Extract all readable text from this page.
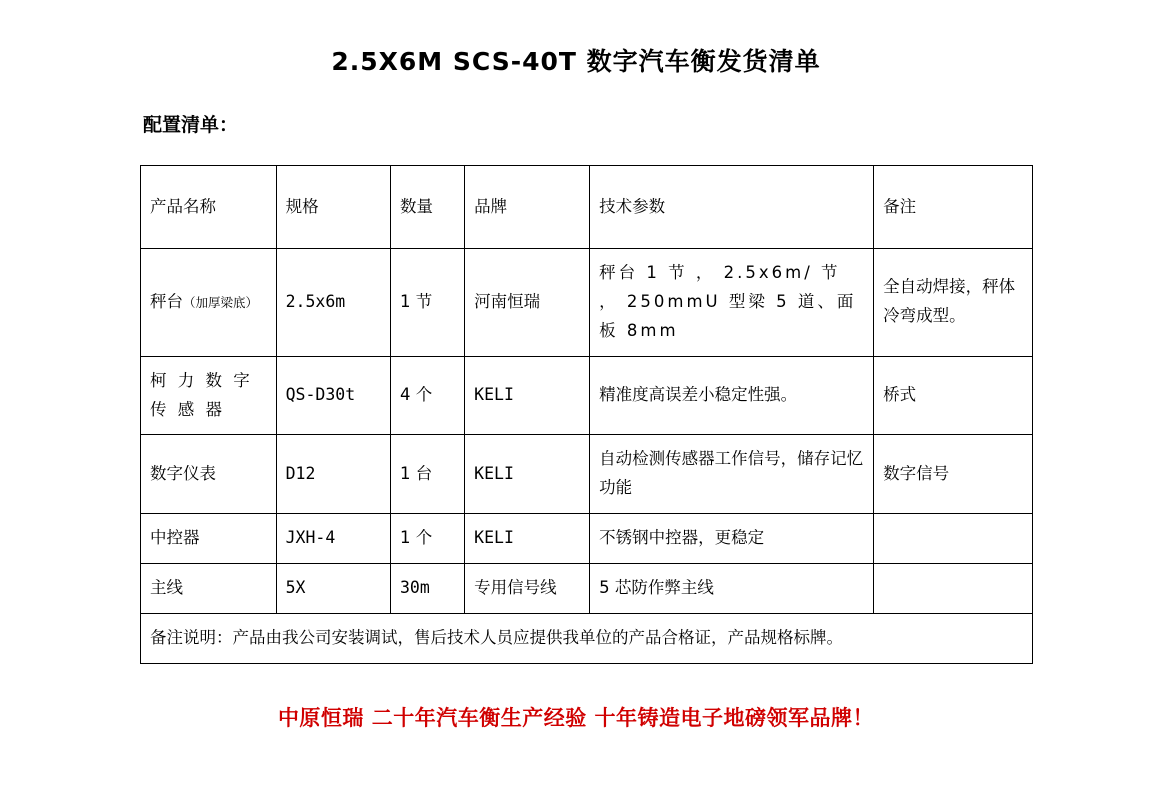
2.5X6M SCS-40T 数字汽车衡发货清单
配置清单：
产品名称	规格	数量	品牌	技术参数	备注
秤台（加厚梁底）	2.5x6m	1 节	河南恒瑞	秤台 1 节 ， 2.5x6m/ 节 ， 250mmU 型梁 5 道、面板 8mm	全自动焊接，秤体冷弯成型。
柯 力 数 字 传 感 器	QS-D30t	4 个	KELI	精准度高误差小稳定性强。	桥式
数字仪表	D12	1 台	KELI	自动检测传感器工作信号，储存记忆功能	数字信号
中控器	JXH-4	1 个	KELI	不锈钢中控器，更稳定	
主线	5X	30m	专用信号线	5 芯防作弊主线	
备注说明：产品由我公司安装调试，售后技术人员应提供我单位的产品合格证，产品规格标牌。					
中原恒瑞 二十年汽车衡生产经验 十年铸造电子地磅领军品牌！
